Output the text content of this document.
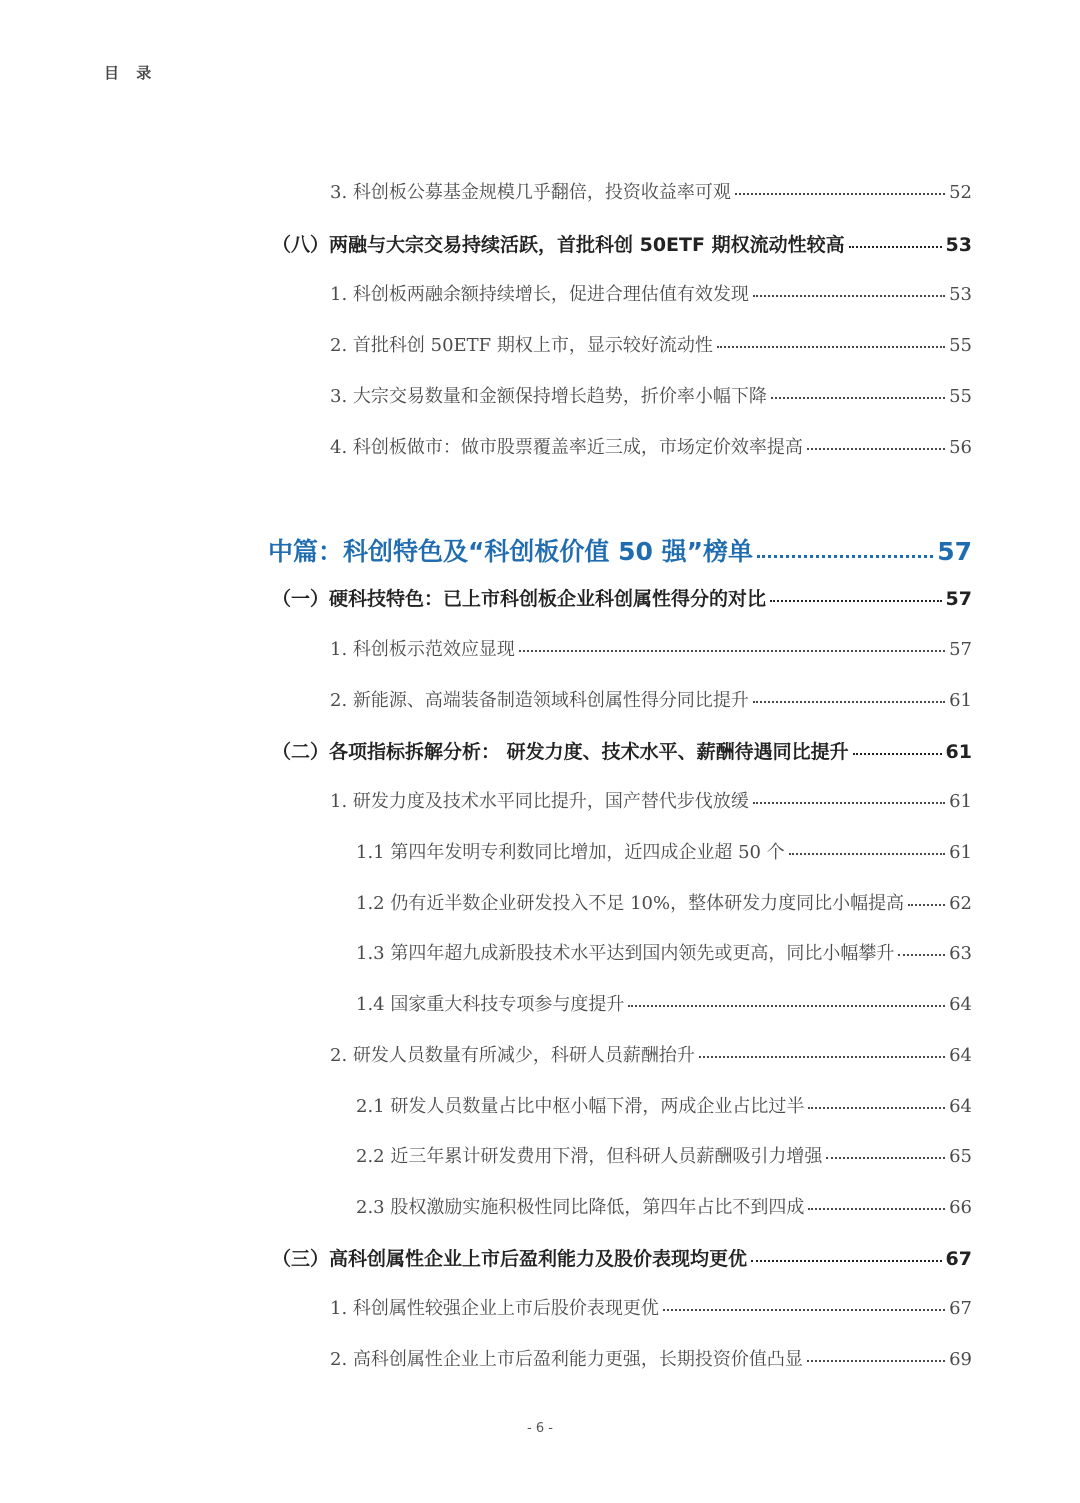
目 录
3. 科创板公募基金规模几乎翻倍，投资收益率可观	52
（八）两融与大宗交易持续活跃，首批科创 50ETF 期权流动性较高	53
1. 科创板两融余额持续增长，促进合理估值有效发现	53
2. 首批科创 50ETF 期权上市，显示较好流动性	55
3. 大宗交易数量和金额保持增长趋势，折价率小幅下降	55
4. 科创板做市：做市股票覆盖率近三成，市场定价效率提高	56
中篇：科创特色及“科创板价值 50 强”榜单	57
（一）硬科技特色：已上市科创板企业科创属性得分的对比	57
1. 科创板示范效应显现	57
2. 新能源、高端装备制造领域科创属性得分同比提升	61
（二）各项指标拆解分析： 研发力度、技术水平、薪酬待遇同比提升	61
1. 研发力度及技术水平同比提升，国产替代步伐放缓	61
1.1 第四年发明专利数同比增加，近四成企业超 50 个	61
1.2 仍有近半数企业研发投入不足 10%，整体研发力度同比小幅提高	62
1.3 第四年超九成新股技术水平达到国内领先或更高，同比小幅攀升	63
1.4 国家重大科技专项参与度提升	64
2. 研发人员数量有所减少，科研人员薪酬抬升	64
2.1 研发人员数量占比中枢小幅下滑，两成企业占比过半	64
2.2 近三年累计研发费用下滑，但科研人员薪酬吸引力增强	65
2.3 股权激励实施积极性同比降低，第四年占比不到四成	66
（三）高科创属性企业上市后盈利能力及股价表现均更优	67
1. 科创属性较强企业上市后股价表现更优	67
2. 高科创属性企业上市后盈利能力更强，长期投资价值凸显	69
- 6 -
